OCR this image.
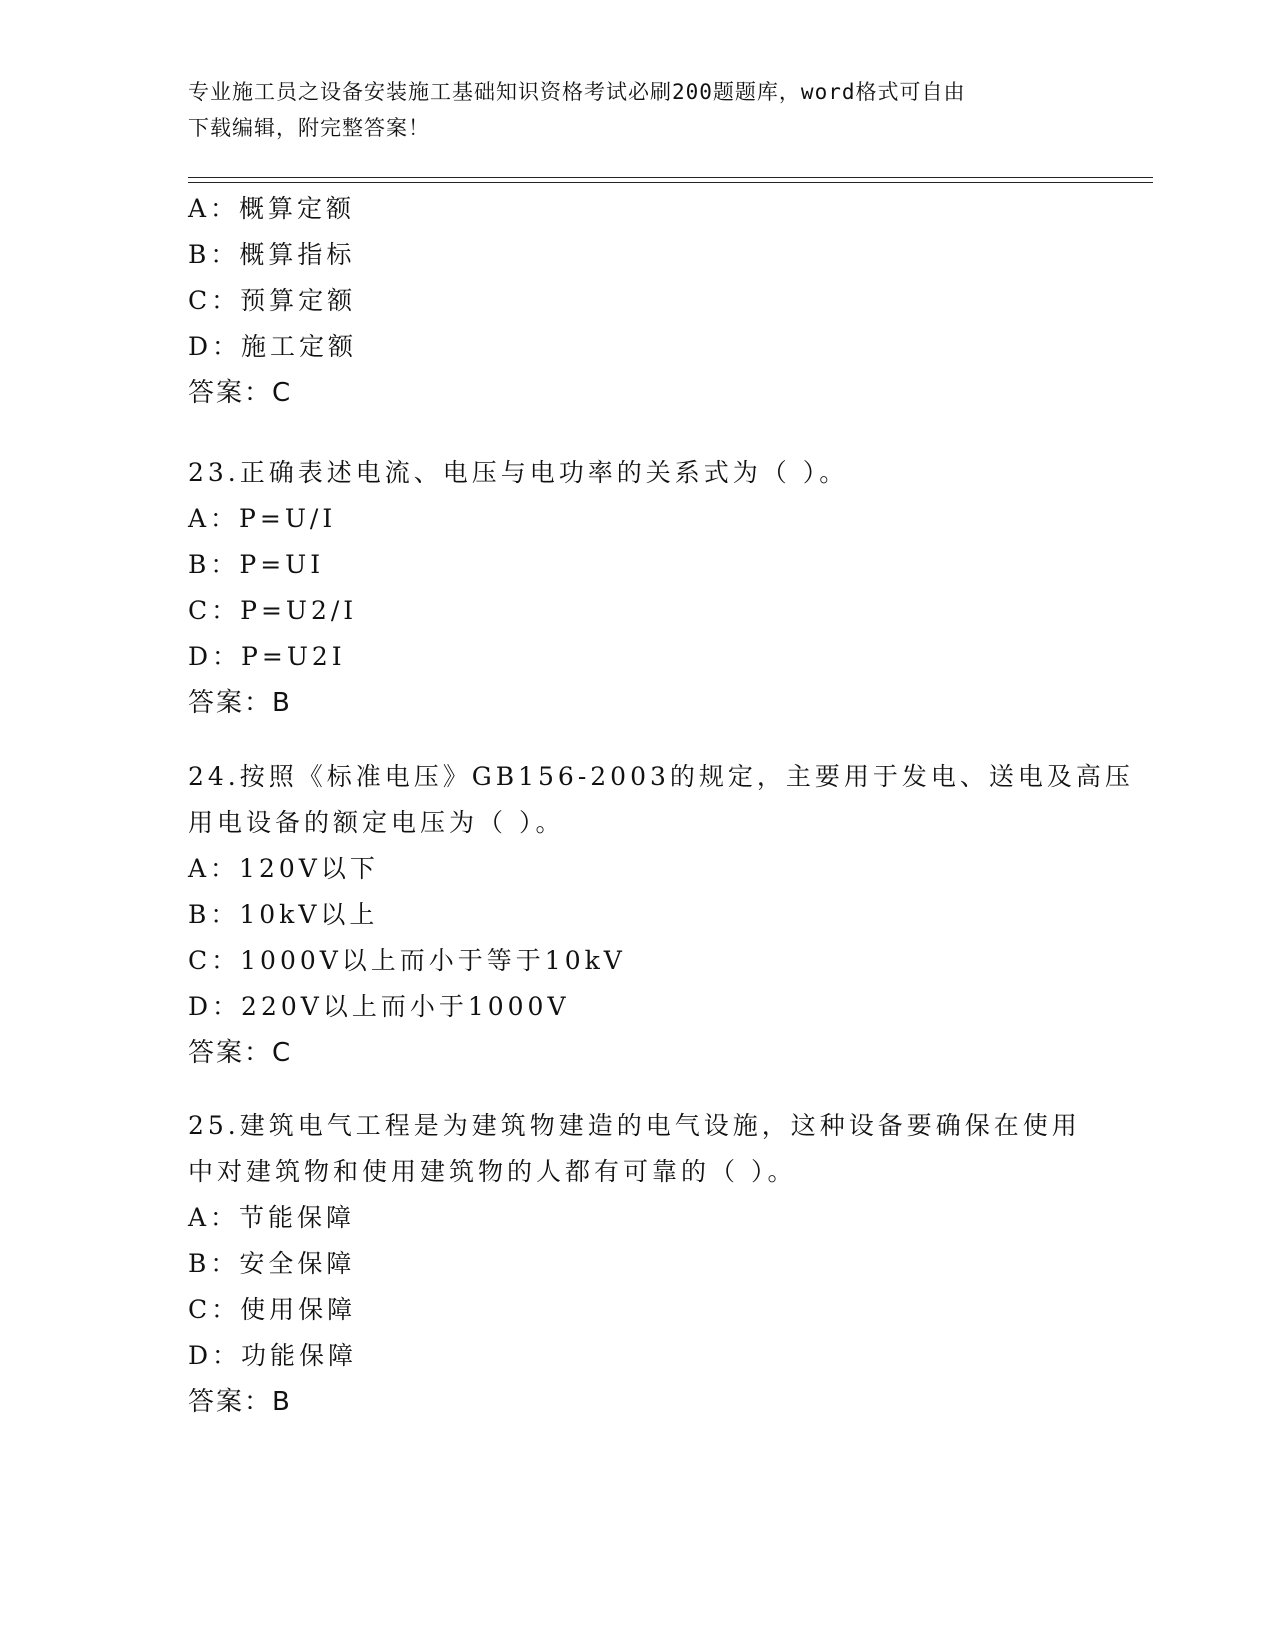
专业施工员之设备安装施工基础知识资格考试必刷200题题库，word格式可自由
下载编辑，附完整答案！
A：概算定额
B：概算指标
C：预算定额
D：施工定额
答案：C
23.正确表述电流、电压与电功率的关系式为（ ）。
A：P=U/I
B：P=UI
C：P=U2/I
D：P=U2I
答案：B
24.按照《标准电压》GB156-2003的规定，主要用于发电、送电及高压
用电设备的额定电压为（ ）。
A：120V以下
B：10kV以上
C：1000V以上而小于等于10kV
D：220V以上而小于1000V
答案：C
25.建筑电气工程是为建筑物建造的电气设施，这种设备要确保在使用
中对建筑物和使用建筑物的人都有可靠的（ ）。
A：节能保障
B：安全保障
C：使用保障
D：功能保障
答案：B
